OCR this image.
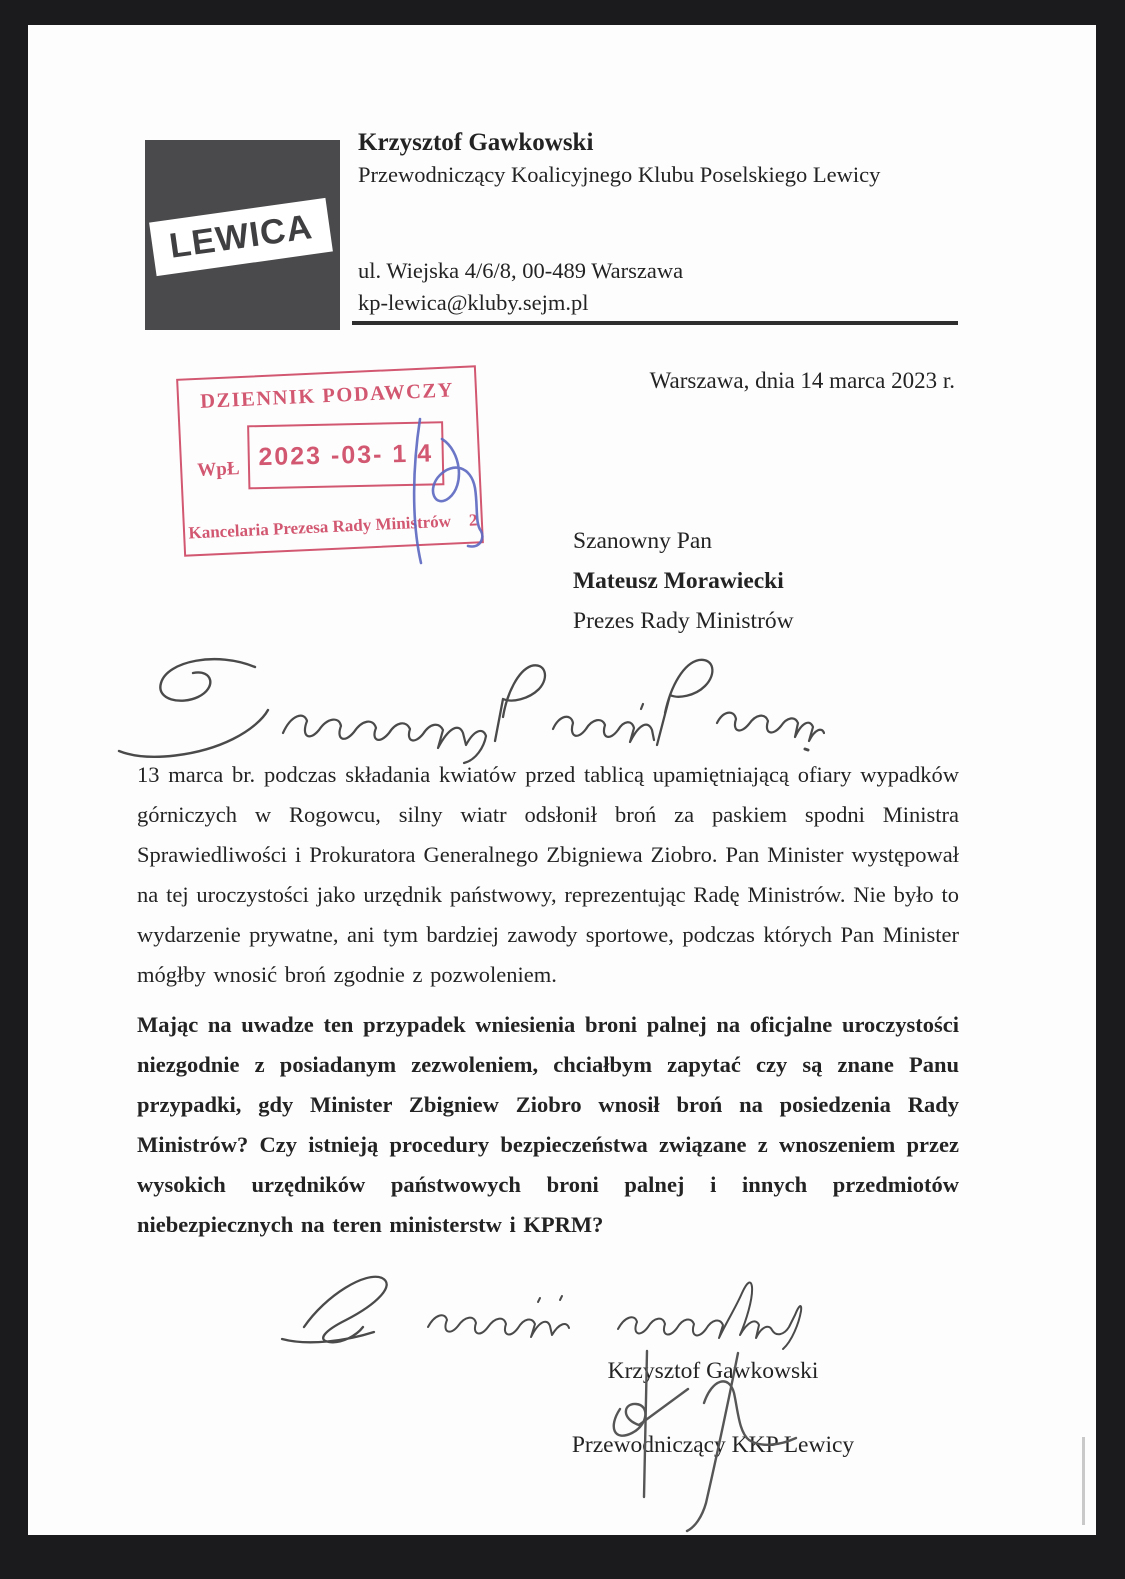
LEWICA
Krzysztof Gawkowski
Przewodniczący Koalicyjnego Klubu Poselskiego Lewicy
ul. Wiejska 4/6/8, 00-489 Warszawa
kp-lewica@kluby.sejm.pl
Warszawa, dnia 14 marca 2023 r.
DZIENNIK PODAWCZY
WpŁ 2023 -03- 1 4
Kancelaria Prezesa Rady Ministrów 2
Szanowny Pan
Mateusz Morawiecki
Prezes Rady Ministrów

13 marca br. podczas składania kwiatów przed tablicą upamiętniającą ofiary wypadków górniczych w Rogowcu, silny wiatr odsłonił broń za paskiem spodni Ministra Sprawiedliwości i Prokuratora Generalnego Zbigniewa Ziobro. Pan Minister występował na tej uroczystości jako urzędnik państwowy, reprezentując Radę Ministrów. Nie było to wydarzenie prywatne, ani tym bardziej zawody sportowe, podczas których Pan Minister mógłby wnosić broń zgodnie z pozwoleniem.

Mając na uwadze ten przypadek wniesienia broni palnej na oficjalne uroczystości niezgodnie z posiadanym zezwoleniem, chciałbym zapytać czy są znane Panu przypadki, gdy Minister Zbigniew Ziobro wnosił broń na posiedzenia Rady Ministrów? Czy istnieją procedury bezpieczeństwa związane z wnoszeniem przez wysokich urzędników państwowych broni palnej i innych przedmiotów niebezpiecznych na teren ministerstw i KPRM?

Krzysztof Gawkowski
Przewodniczący KKP Lewicy
